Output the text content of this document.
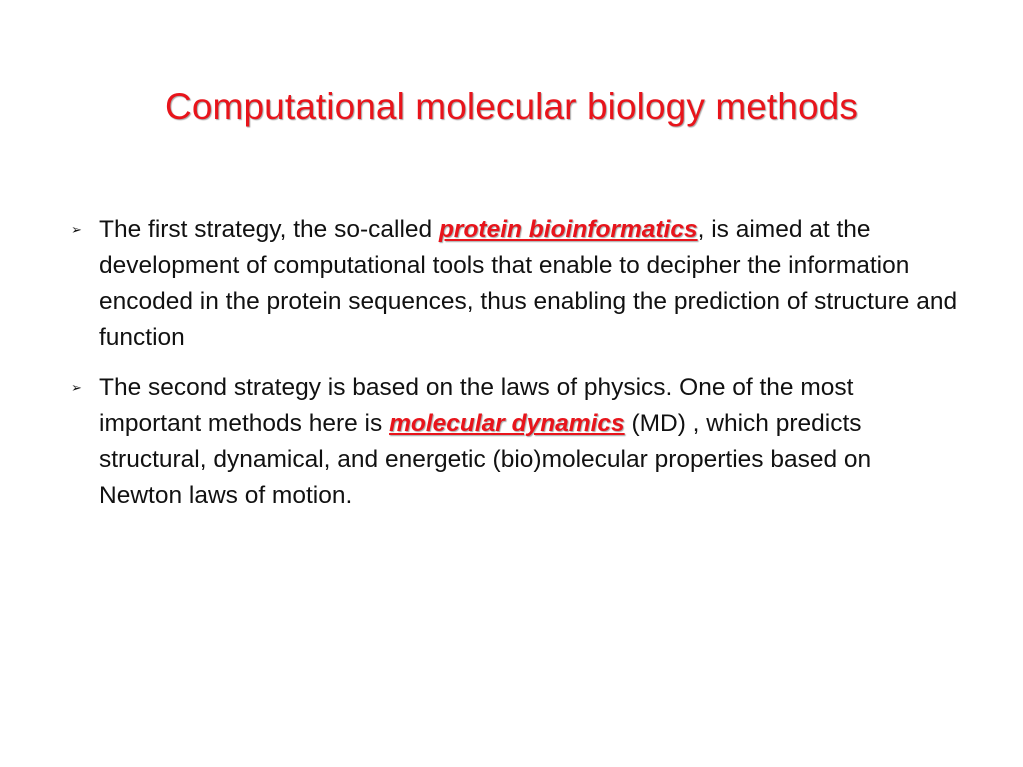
Computational molecular biology methods
➢ The first strategy, the so-called protein bioinformatics, is aimed at the development of computational tools that enable to decipher the information encoded in the protein sequences, thus enabling the prediction of structure and function
➢ The second strategy is based on the laws of physics. One of the most important methods here is molecular dynamics (MD) , which predicts structural, dynamical, and energetic (bio)molecular properties based on Newton laws of motion.
